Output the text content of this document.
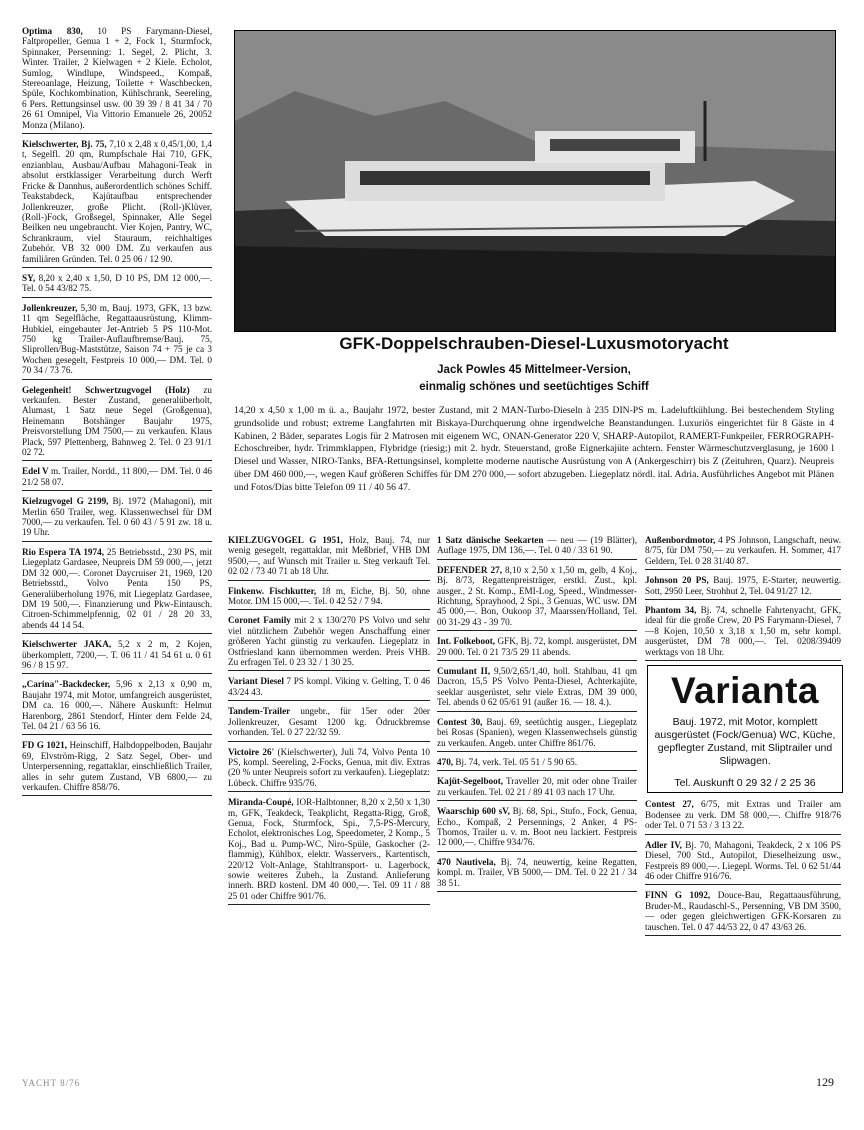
Optima 830, 10 PS Farymann-Diesel, Faltpropeller, Genua 1 + 2, Fock 1, Sturmfock, Spinnaker, Persenning: 1. Segel, 2. Plicht, 3. Winter. Trailer, 2 Kielwagen + 2 Kiele. Echolot, Sumlog, Windlupe, Windspeed., Kompaß, Stereoanlage, Heizung, Toilette + Waschbecken, Spüle, Kochkombination, Kühlschrank, Seereling, 6 Pers. Rettungsinsel usw. 00 39 39 / 8 41 34 / 70 26 61 Omnipel, Via Vittorio Emanuele 26, 20052 Monza (Milano).
Kielschwerter, Bj. 75, 7,10 x 2,48 x 0,45/1,00, 1,4 t, Segelfl. 20 qm, Rumpfschale Hai 710, GFK, enzianblau, Ausbau/Aufbau Mahagoni-Teak in absolut erstklassiger Verarbeitung durch Werft Fricke & Dannhus, außerordentlich schönes Schiff. Teakstabdeck, Kajütaufbau entsprechender Jollenkreuzer, große Plicht. (Roll-)Klüver, (Roll-)Fock, Großsegel, Spinnaker, Alle Segel Beilken neu ungebraucht. Vier Kojen, Pantry, WC, Schrankraum, viel Stauraum, reichhaltiges Zubehör. VB 32 000 DM. Zu verkaufen aus familiären Gründen. Tel. 0 25 06 / 12 90.
SY, 8,20 x 2,40 x 1,50, D 10 PS, DM 12 000,—. Tel. 0 54 43/82 75.
Jollenkreuzer, 5,30 m, Bauj. 1973, GFK, 13 bzw. 11 qm Segelfläche, Regattaausrüstung, Klimm-Hubkiel, eingebauter Jet-Antrieb 5 PS 110-Mot. 750 kg Trailer-Auflaufbremse/Bauj. 75, Sliprollen/Bug-Maststütze, Saison 74 + 75 je ca 3 Wochen gesegelt, Festpreis 10 000,— DM. Tel. 0 70 34 / 73 76.
Gelegenheit! Schwertzugvogel (Holz) zu verkaufen. Bester Zustand, generalüberholt, Alumast, 1 Satz neue Segel (Großgenua), Heinemann Botshänger Baujahr 1975, Preisvorstellung DM 7500,— zu verkaufen. Klaus Plack, 597 Plettenberg, Bahnweg 2. Tel. 0 23 91/1 02 72.
Edel V m. Trailer, Nordd., 11 800,— DM. Tel. 0 46 21/2 58 07.
Kielzugvogel G 2199, Bj. 1972 (Mahagoni), mit Merlin 650 Trailer, weg. Klassenwechsel für DM 7000,— zu verkaufen. Tel. 0 60 43 / 5 91 zw. 18 u. 19 Uhr.
Rio Espera TA 1974, 25 Betriebsstd., 230 PS, mit Liegeplatz Gardasee, Neupreis DM 59 000,—, jetzt DM 32 000,—. Coronet Daycruiser 21, 1969, 120 Betriebsstd., Volvo Penta 150 PS, Generalüberholung 1976, mit Liegeplatz Gardasee, DM 19 500,—. Finanzierung und Pkw-Eintausch. Citroen-Schimmelpfennig, 02 01 / 28 20 33, abends 44 14 54.
Kielschwerter JAKA, 5,2 x 2 m, 2 Kojen, überkomplett, 7200,—. T. 06 11 / 41 54 61 u. 0 61 96 / 8 15 97.
„Carina"-Backdecker, 5,96 x 2,13 x 0,90 m, Baujahr 1974, mit Motor, umfangreich ausgerüstet, DM ca. 16 000,—. Nähere Auskunft: Helmut Harenborg, 2861 Stendorf, Hinter dem Felde 24, Tel. 04 21 / 63 56 16.
FD G 1021, Heinschiff, Halbdoppelboden, Baujahr 69, Elvström-Rigg, 2 Satz Segel, Ober- und Unterpersenning, regattaklar, einschließlich Trailer, alles in sehr gutem Zustand, VB 6800,— zu verkaufen. Chiffre 858/76.
GFK-Doppelschrauben-Diesel-Luxusmotoryacht
Jack Powles 45 Mittelmeer-Version,
einmalig schönes und seetüchtiges Schiff
14,20 x 4,50 x 1,00 m ü. a., Baujahr 1972, bester Zustand, mit 2 MAN-Turbo-Dieseln à 235 DIN-PS m. Ladeluftkühlung. Bei bestechendem Styling grundsolide und robust; extreme Langfahrten mit Biskaya-Durchquerung ohne irgendwelche Beanstandungen. Luxuriös eingerichtet für 8 Gäste in 4 Kabinen, 2 Bäder, separates Logis für 2 Matrosen mit eigenem WC, ONAN-Generator 220 V, SHARP-Autopilot, RAMERT-Funkpeiler, FERROGRAPH-Echoschreiber, hydr. Trimmklappen, Flybridge (riesig;) mit 2. hydr. Steuerstand, große Eignerkajüte achtern. Fenster Wärmeschutzverglasung, je 1600 l Diesel und Wasser, NIRO-Tanks, BFA-Rettungsinsel, komplette moderne nautische Ausrüstung von A (Ankergeschirr) bis Z (Zeituhren, Quarz). Neupreis über DM 460 000,—, wegen Kauf größeren Schiffes für DM 270 000,— sofort abzugeben. Liegeplatz nördl. ital. Adria. Ausführliches Angebot mit Plänen und Fotos/Dias bitte Telefon 09 11 / 40 56 47.
KIELZUGVOGEL G 1951, Holz, Bauj. 74, nur wenig gesegelt, regattaklar, mit Meßbrief, VHB DM 9500,—, auf Wunsch mit Trailer u. Steg verkauft Tel. 02 02 / 73 40 71 ab 18 Uhr.
Finkenw. Fischkutter, 18 m, Eiche, Bj. 50, ohne Motor. DM 15 000,—. Tel. 0 42 52 / 7 94.
Coronet Family mit 2 x 130/270 PS Volvo und sehr viel nützlichem Zubehör wegen Anschaffung einer größeren Yacht günstig zu verkaufen. Liegeplatz in Ostfriesland kann übernommen werden. Preis VHB. Zu erfragen Tel. 0 23 32 / 1 30 25.
Variant Diesel 7 PS kompl. Viking v. Gelting, T. 0 46 43/24 43.
Tandem-Trailer ungebr., für 15er oder 20er Jollenkreuzer, Gesamt 1200 kg. Ödruckbremse vorhanden. Tel. 0 27 22/32 59.
Victoire 26' (Kielschwerter), Juli 74, Volvo Penta 10 PS, kompl. Seereling, 2-Focks, Genua, mit div. Extras (20 % unter Neupreis sofort zu verkaufen). Liegeplatz: Lübeck. Chiffre 935/76.
Miranda-Coupé, IOR-Halbtonner, 8,20 x 2,50 x 1,30 m, GFK, Teakdeck, Teakplicht, Regatta-Rigg, Groß, Genua, Fock, Sturmfock, Spi., 7,5-PS-Mercury, Echolot, elektronisches Log, Speedometer, 2 Komp., 5 Koj., Bad u. Pump-WC, Niro-Spüle, Gaskocher (2-flammig), Kühlbox, elektr. Wasservers., Kartentisch, 220/12 Volt-Anlage, Stahltransport- u. Lagerbock, sowie weiteres Zubeh., la Zustand. Anlieferung innerh. BRD kostenl. DM 40 000,—. Tel. 09 11 / 88 25 01 oder Chiffre 901/76.
1 Satz dänische Seekarten — neu — (19 Blätter), Auflage 1975, DM 136,—. Tel. 0 40 / 33 61 90.
DEFENDER 27, 8,10 x 2,50 x 1,50 m, gelb, 4 Koj., Bj. 8/73, Regattenpreisträger, erstkl. Zust., kpl. ausger., 2 St. Komp., EMI-Log, Speed., Windmesser-Richtung, Sprayhood, 2 Spi., 3 Genuas, WC usw. DM 45 000,—. Bon, Oukoop 37, Maarssen/Holland, Tel. 00 31-29 43 - 39 70.
Int. Folkeboot, GFK, Bj. 72, kompl. ausgerüstet, DM 29 000. Tel. 0 21 73/5 29 11 abends.
Cumulant II, 9,50/2,65/1,40, holl. Stahlbau, 41 qm Dacron, 15,5 PS Volvo Penta-Diesel, Achterkajüte, seeklar ausgerüstet, sehr viele Extras, DM 39 000, Tel. abends 0 62 05/61 91 (außer 16. — 18. 4.).
Contest 30, Bauj. 69, seetüchtig ausger., Liegeplatz bei Rosas (Spanien), wegen Klassenwechsels günstig zu verkaufen. Angeb. unter Chiffre 861/76.
470, Bj. 74, verk. Tel. 05 51 / 5 90 65.
Kajüt-Segelboot, Traveller 20, mit oder ohne Trailer zu verkaufen. Tel. 02 21 / 89 41 03 nach 17 Uhr.
Waarschip 600 sV, Bj. 68, Spi., Stufo., Fock, Genua, Echo., Kompaß, 2 Persennings, 2 Anker, 4 PS-Thomos, Trailer u. v. m. Boot neu lackiert. Festpreis 12 000,—. Chiffre 934/76.
470 Nautivela, Bj. 74, neuwertig, keine Regatten, kompl. m. Trailer, VB 5000,— DM. Tel. 0 22 21 / 34 38 51.
Außenbordmotor, 4 PS Johnson, Langschaft, neuw. 8/75, für DM 750,— zu verkaufen. H. Sommer, 417 Geldern, Tel. 0 28 31/40 87.
Johnson 20 PS, Bauj. 1975, E-Starter, neuwertig. Sott, 2950 Leer, Strohhut 2, Tel. 04 91/27 12.
Phantom 34, Bj. 74, schnelle Fahrtenyacht, GFK, ideal für die große Crew, 20 PS Farymann-Diesel, 7—8 Kojen, 10,50 x 3,18 x 1,50 m, sehr kompl. ausgerüstet, DM 78 000,—. Tel. 0208/39409 werktags von 18 Uhr.
Varianta
Bauj. 1972, mit Motor, komplett ausgerüstet (Fock/Genua) WC, Küche, gepflegter Zustand, mit Sliptrailer und Slipwagen.
Tel. Auskunft 0 29 32 / 2 25 36
Contest 27, 6/75, mit Extras und Trailer am Bodensee zu verk. DM 58 000,—. Chiffre 918/76 oder Tel. 0 71 53 / 3 13 22.
Adler IV, Bj. 70, Mahagoni, Teakdeck, 2 x 106 PS Diesel, 700 Std., Autopilot, Dieselheizung usw., Festpreis 89 000,—. Liegepl. Worms. Tel. 0 62 51/44 46 oder Chiffre 916/76.
FINN G 1092, Douce-Bau, Regattaausführung, Bruder-M., Raudaschl-S., Persenning, VB DM 3500,— oder gegen gleichwertigen GFK-Korsaren zu tauschen. Tel. 0 47 44/53 22, 0 47 43/63 26.
YACHT 8/76	129
